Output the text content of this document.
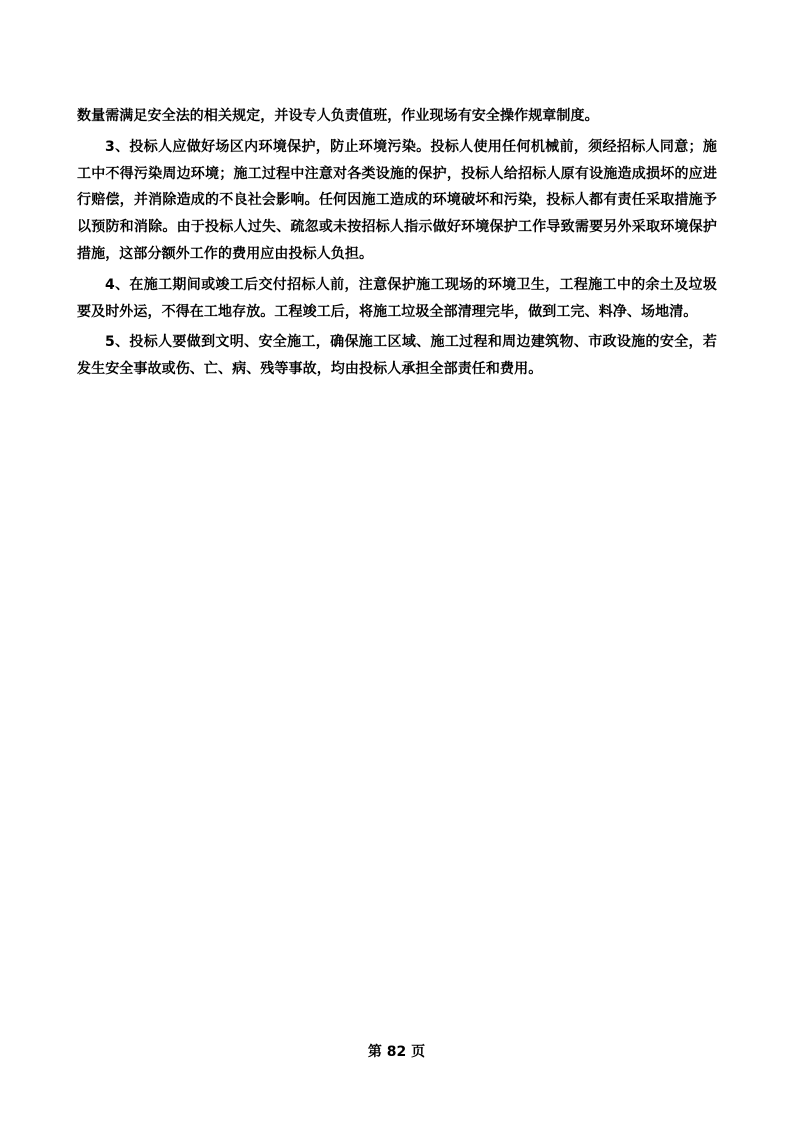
数量需满足安全法的相关规定，并设专人负责值班，作业现场有安全操作规章制度。

3、投标人应做好场区内环境保护，防止环境污染。投标人使用任何机械前，须经招标人同意；施工中不得污染周边环境；施工过程中注意对各类设施的保护，投标人给招标人原有设施造成损坏的应进行赔偿，并消除造成的不良社会影响。任何因施工造成的环境破坏和污染，投标人都有责任采取措施予以预防和消除。由于投标人过失、疏忽或未按招标人指示做好环境保护工作导致需要另外采取环境保护措施，这部分额外工作的费用应由投标人负担。

4、在施工期间或竣工后交付招标人前，注意保护施工现场的环境卫生，工程施工中的余土及垃圾要及时外运，不得在工地存放。工程竣工后，将施工垃圾全部清理完毕，做到工完、料净、场地清。

5、投标人要做到文明、安全施工，确保施工区域、施工过程和周边建筑物、市政设施的安全，若发生安全事故或伤、亡、病、残等事故，均由投标人承担全部责任和费用。

第 82 页
